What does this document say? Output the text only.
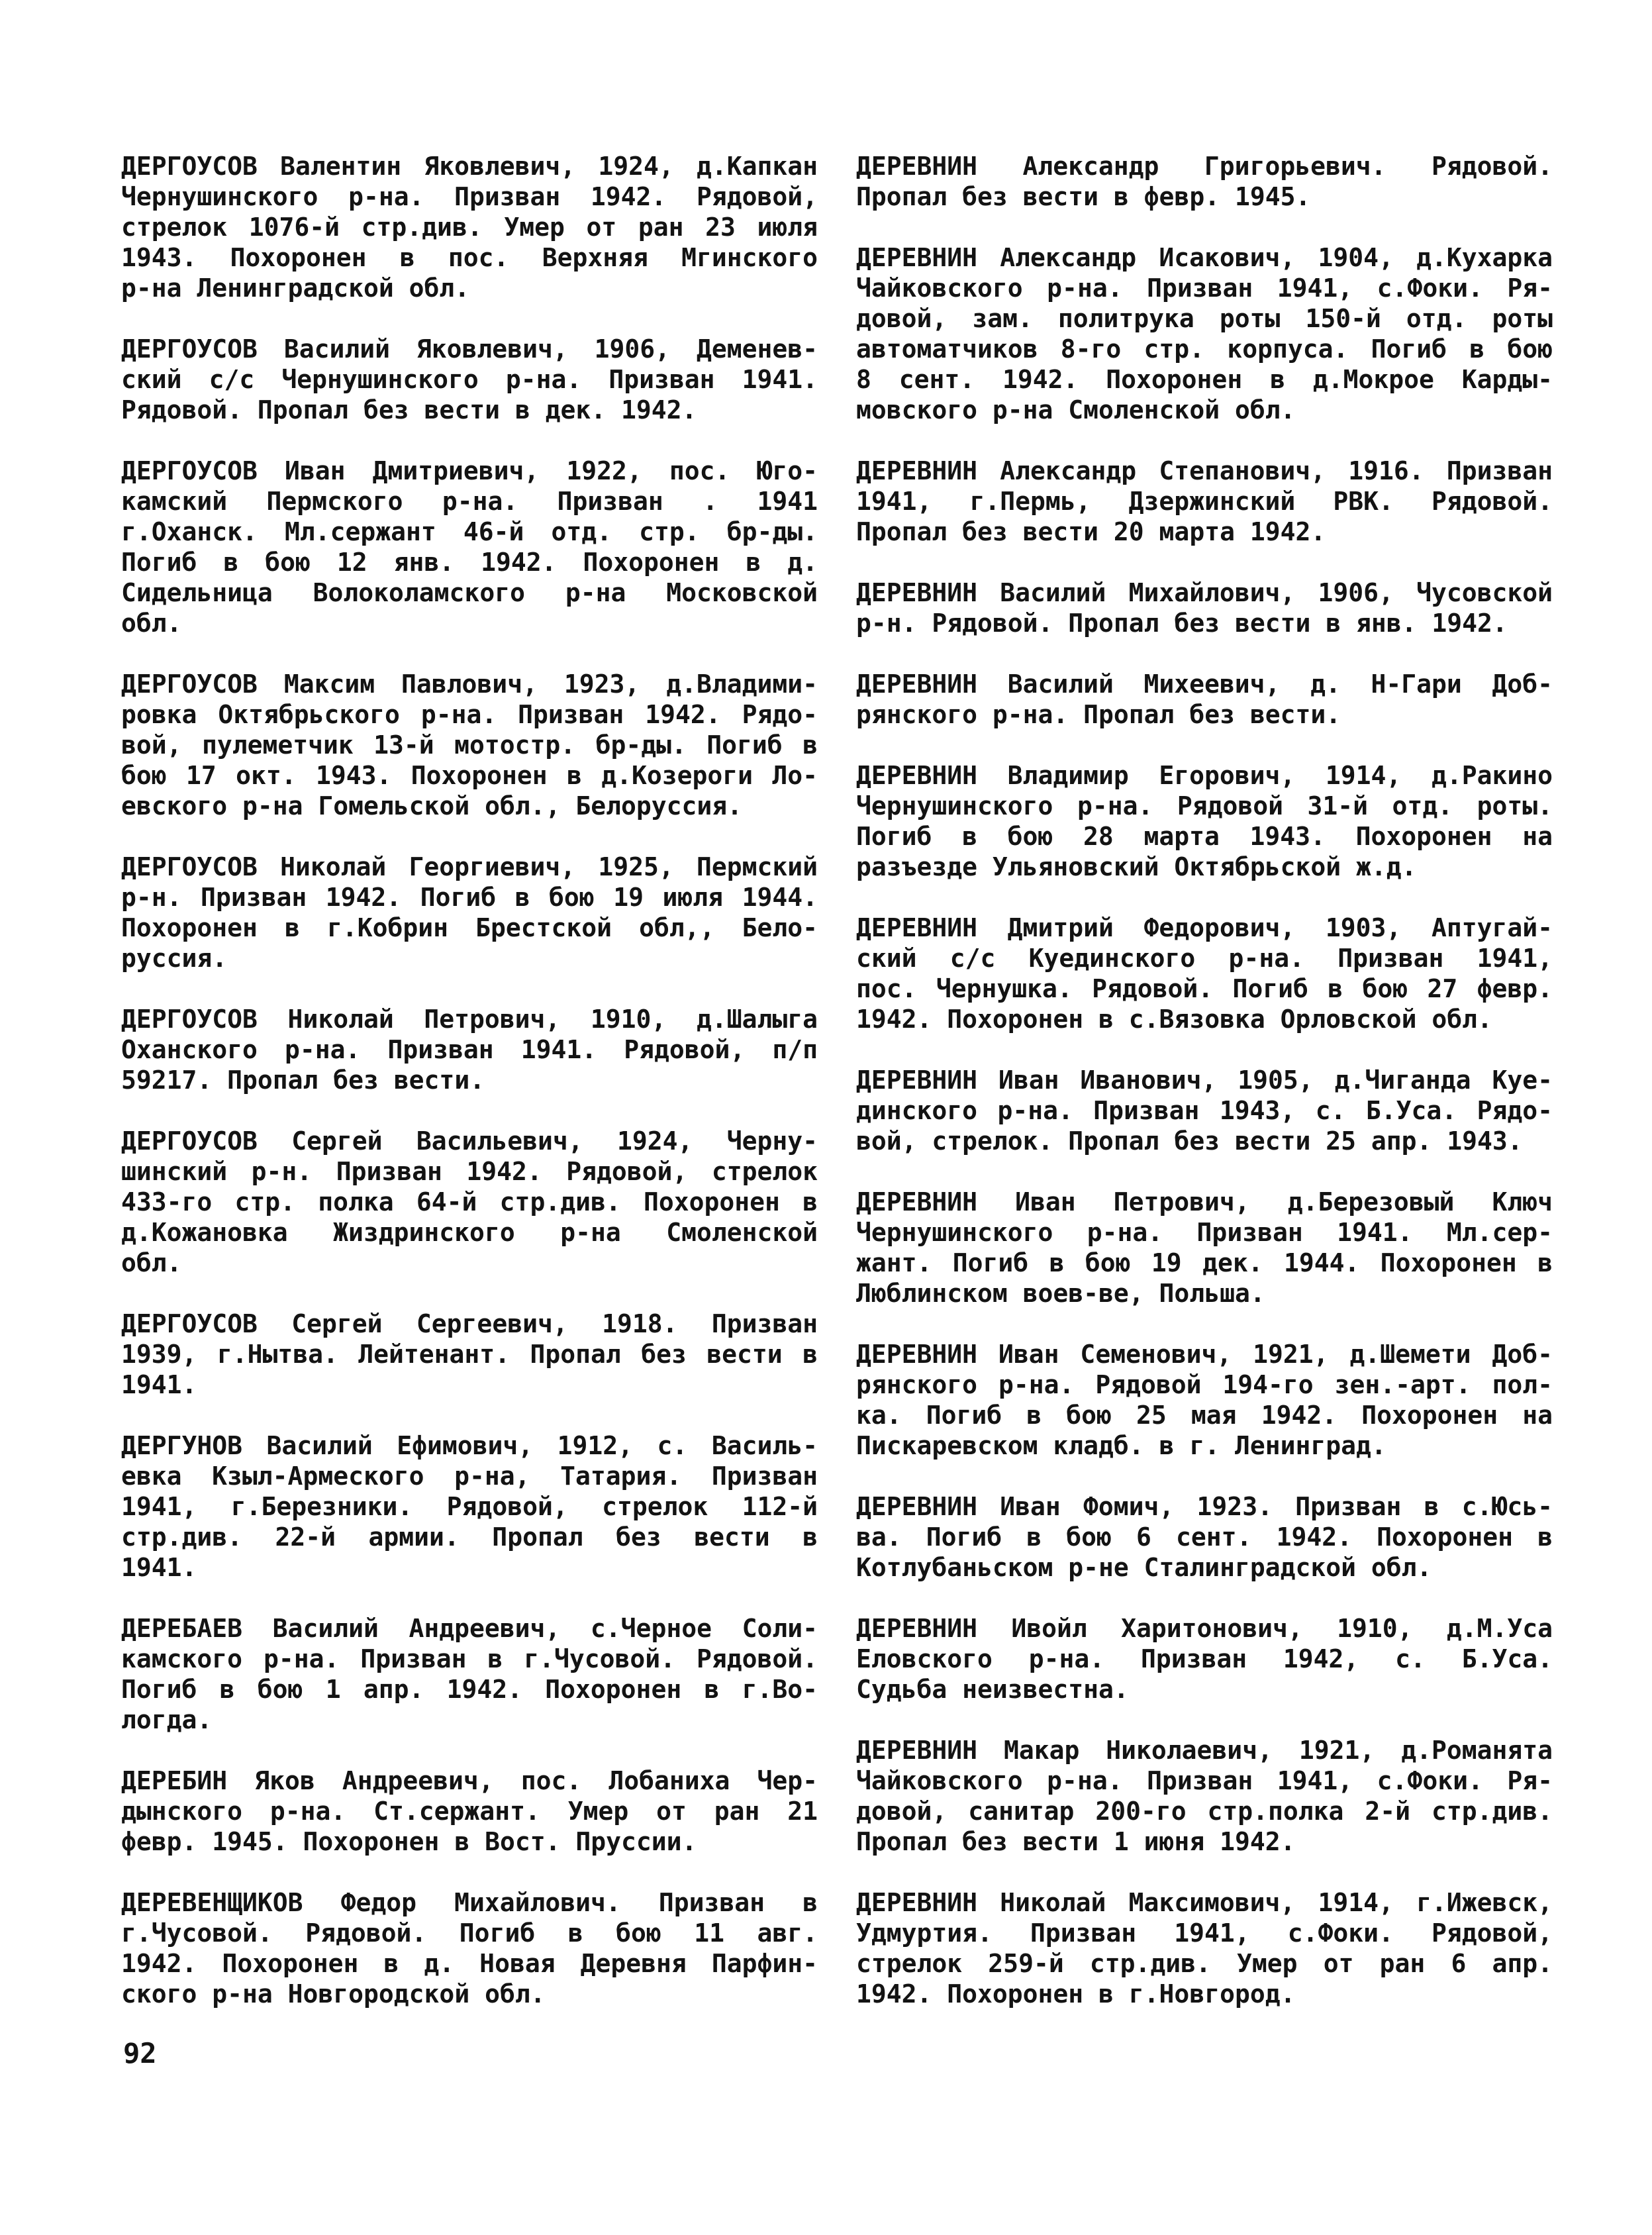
ДЕРГОУСОВ Валентин Яковлевич, 1924, д.Капкан
Чернушинского р-на. Призван 1942. Рядовой,
стрелок 1076-й стр.див. Умер от ран 23 июля
1943. Похоронен в пос. Верхняя Мгинского
р-на Ленинградской обл.
ДЕРГОУСОВ Василий Яковлевич, 1906, Деменев-
ский с/с Чернушинского р-на. Призван 1941.
Рядовой. Пропал без вести в дек. 1942.
ДЕРГОУСОВ Иван Дмитриевич, 1922, пос. Юго-
камский Пермского р-на. Призван . 1941
г.Оханск. Мл.сержант 46-й отд. стр. бр-ды.
Погиб в бою 12 янв. 1942. Похоронен в д.
Сидельница Волоколамского р-на Московской
обл.
ДЕРГОУСОВ Максим Павлович, 1923, д.Владими-
ровка Октябрьского р-на. Призван 1942. Рядо-
вой, пулеметчик 13-й мотостр. бр-ды. Погиб в
бою 17 окт. 1943. Похоронен в д.Козероги Ло-
евского р-на Гомельской обл., Белоруссия.
ДЕРГОУСОВ Николай Георгиевич, 1925, Пермский
р-н. Призван 1942. Погиб в бою 19 июля 1944.
Похоронен в г.Кобрин Брестской обл,, Бело-
руссия.
ДЕРГОУСОВ Николай Петрович, 1910, д.Шалыга
Оханского р-на. Призван 1941. Рядовой, п/п
59217. Пропал без вести.
ДЕРГОУСОВ Сергей Васильевич, 1924, Черну-
шинский р-н. Призван 1942. Рядовой, стрелок
433-го стр. полка 64-й стр.див. Похоронен в
д.Кожановка Жиздринского р-на Смоленской
обл.
ДЕРГОУСОВ Сергей Сергеевич, 1918. Призван
1939, г.Нытва. Лейтенант. Пропал без вести в
1941.
ДЕРГУНОВ Василий Ефимович, 1912, с. Василь-
евка Кзыл-Армеского р-на, Татария. Призван
1941, г.Березники. Рядовой, стрелок 112-й
стр.див. 22-й армии. Пропал без вести в
1941.
ДЕРЕБАЕВ Василий Андреевич, с.Черное Соли-
камского р-на. Призван в г.Чусовой. Рядовой.
Погиб в бою 1 апр. 1942. Похоронен в г.Во-
логда.
ДЕРЕБИН Яков Андреевич, пос. Лобаниха Чер-
дынского р-на. Ст.сержант. Умер от ран 21
февр. 1945. Похоронен в Вост. Пруссии.
ДЕРЕВЕНЩИКОВ Федор Михайлович. Призван в
г.Чусовой. Рядовой. Погиб в бою 11 авг.
1942. Похоронен в д. Новая Деревня Парфин-
ского р-на Новгородской обл.
ДЕРЕВНИН Александр Григорьевич. Рядовой.
Пропал без вести в февр. 1945.
ДЕРЕВНИН Александр Исакович, 1904, д.Кухарка
Чайковского р-на. Призван 1941, с.Фоки. Ря-
довой, зам. политрука роты 150-й отд. роты
автоматчиков 8-го стр. корпуса. Погиб в бою
8 сент. 1942. Похоронен в д.Мокрое Карды-
мовского р-на Смоленской обл.
ДЕРЕВНИН Александр Степанович, 1916. Призван
1941, г.Пермь, Дзержинский РВК. Рядовой.
Пропал без вести 20 марта 1942.
ДЕРЕВНИН Василий Михайлович, 1906, Чусовской
р-н. Рядовой. Пропал без вести в янв. 1942.
ДЕРЕВНИН Василий Михеевич, д. Н-Гари Доб-
рянского р-на. Пропал без вести.
ДЕРЕВНИН Владимир Егорович, 1914, д.Ракино
Чернушинского р-на. Рядовой 31-й отд. роты.
Погиб в бою 28 марта 1943. Похоронен на
разъезде Ульяновский Октябрьской ж.д.
ДЕРЕВНИН Дмитрий Федорович, 1903, Аптугай-
ский с/с Куединского р-на. Призван 1941,
пос. Чернушка. Рядовой. Погиб в бою 27 февр.
1942. Похоронен в с.Вязовка Орловской обл.
ДЕРЕВНИН Иван Иванович, 1905, д.Чиганда Куе-
динского р-на. Призван 1943, с. Б.Уса. Рядо-
вой, стрелок. Пропал без вести 25 апр. 1943.
ДЕРЕВНИН Иван Петрович, д.Березовый Ключ
Чернушинского р-на. Призван 1941. Мл.сер-
жант. Погиб в бою 19 дек. 1944. Похоронен в
Люблинском воев-ве, Польша.
ДЕРЕВНИН Иван Семенович, 1921, д.Шемети Доб-
рянского р-на. Рядовой 194-го зен.-арт. пол-
ка. Погиб в бою 25 мая 1942. Похоронен на
Пискаревском кладб. в г. Ленинград.
ДЕРЕВНИН Иван Фомич, 1923. Призван в с.Юсь-
ва. Погиб в бою 6 сент. 1942. Похоронен в
Котлубаньском р-не Сталинградской обл.
ДЕРЕВНИН Ивойл Харитонович, 1910, д.М.Уса
Еловского р-на. Призван 1942, с. Б.Уса.
Судьба неизвестна.
ДЕРЕВНИН Макар Николаевич, 1921, д.Романята
Чайковского р-на. Призван 1941, с.Фоки. Ря-
довой, санитар 200-го стр.полка 2-й стр.див.
Пропал без вести 1 июня 1942.
ДЕРЕВНИН Николай Максимович, 1914, г.Ижевск,
Удмуртия. Призван 1941, с.Фоки. Рядовой,
стрелок 259-й стр.див. Умер от ран 6 апр.
1942. Похоронен в г.Новгород.
92
